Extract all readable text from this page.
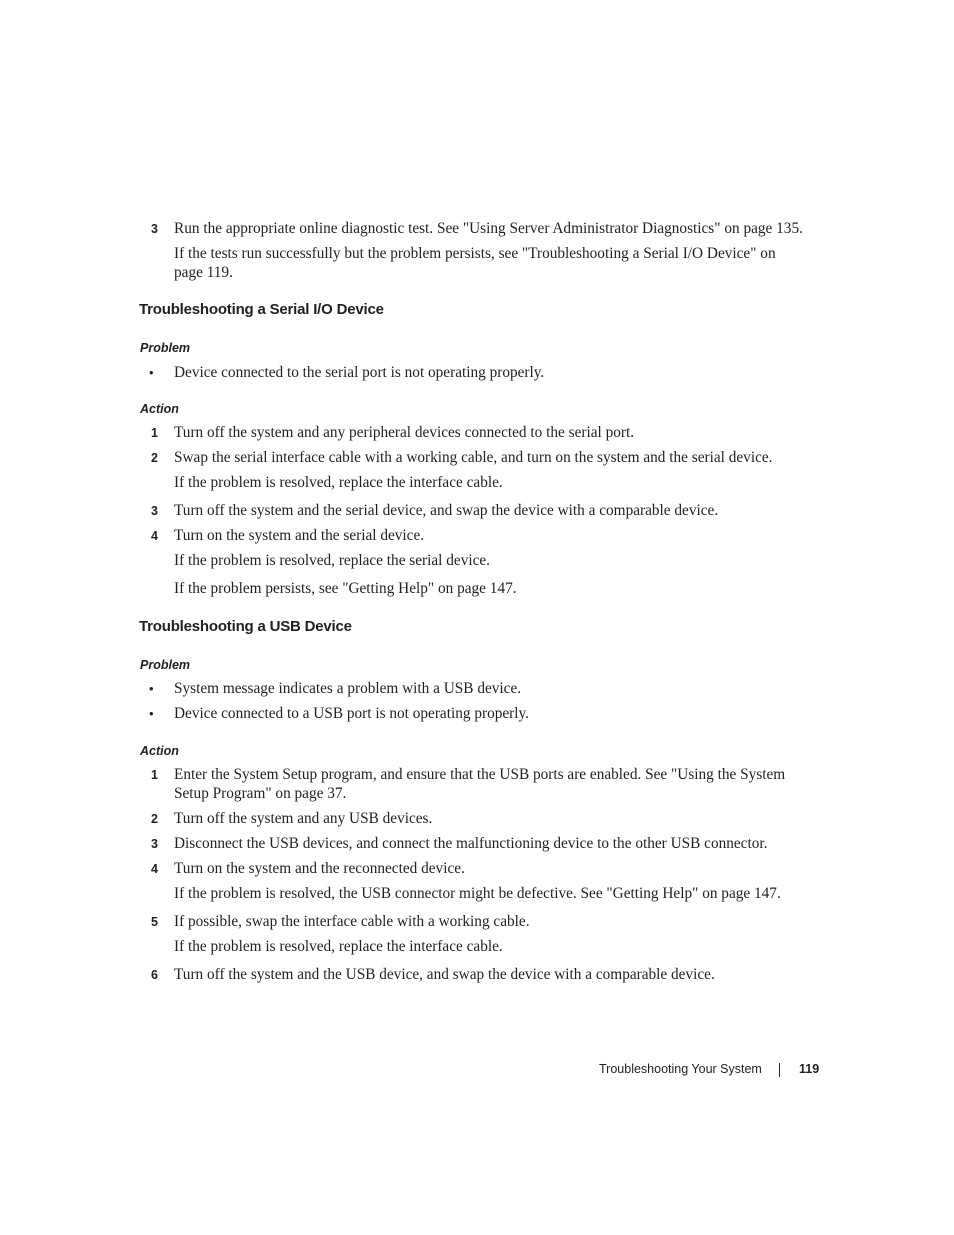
3 Run the appropriate online diagnostic test. See "Using Server Administrator Diagnostics" on page 135.
If the tests run successfully but the problem persists, see "Troubleshooting a Serial I/O Device" on page 119.
Troubleshooting a Serial I/O Device
Problem
• Device connected to the serial port is not operating properly.
Action
1 Turn off the system and any peripheral devices connected to the serial port.
2 Swap the serial interface cable with a working cable, and turn on the system and the serial device.
If the problem is resolved, replace the interface cable.
3 Turn off the system and the serial device, and swap the device with a comparable device.
4 Turn on the system and the serial device.
If the problem is resolved, replace the serial device.
If the problem persists, see "Getting Help" on page 147.
Troubleshooting a USB Device
Problem
• System message indicates a problem with a USB device.
• Device connected to a USB port is not operating properly.
Action
1 Enter the System Setup program, and ensure that the USB ports are enabled. See "Using the System Setup Program" on page 37.
2 Turn off the system and any USB devices.
3 Disconnect the USB devices, and connect the malfunctioning device to the other USB connector.
4 Turn on the system and the reconnected device.
If the problem is resolved, the USB connector might be defective. See "Getting Help" on page 147.
5 If possible, swap the interface cable with a working cable.
If the problem is resolved, replace the interface cable.
6 Turn off the system and the USB device, and swap the device with a comparable device.
Troubleshooting Your System	119
